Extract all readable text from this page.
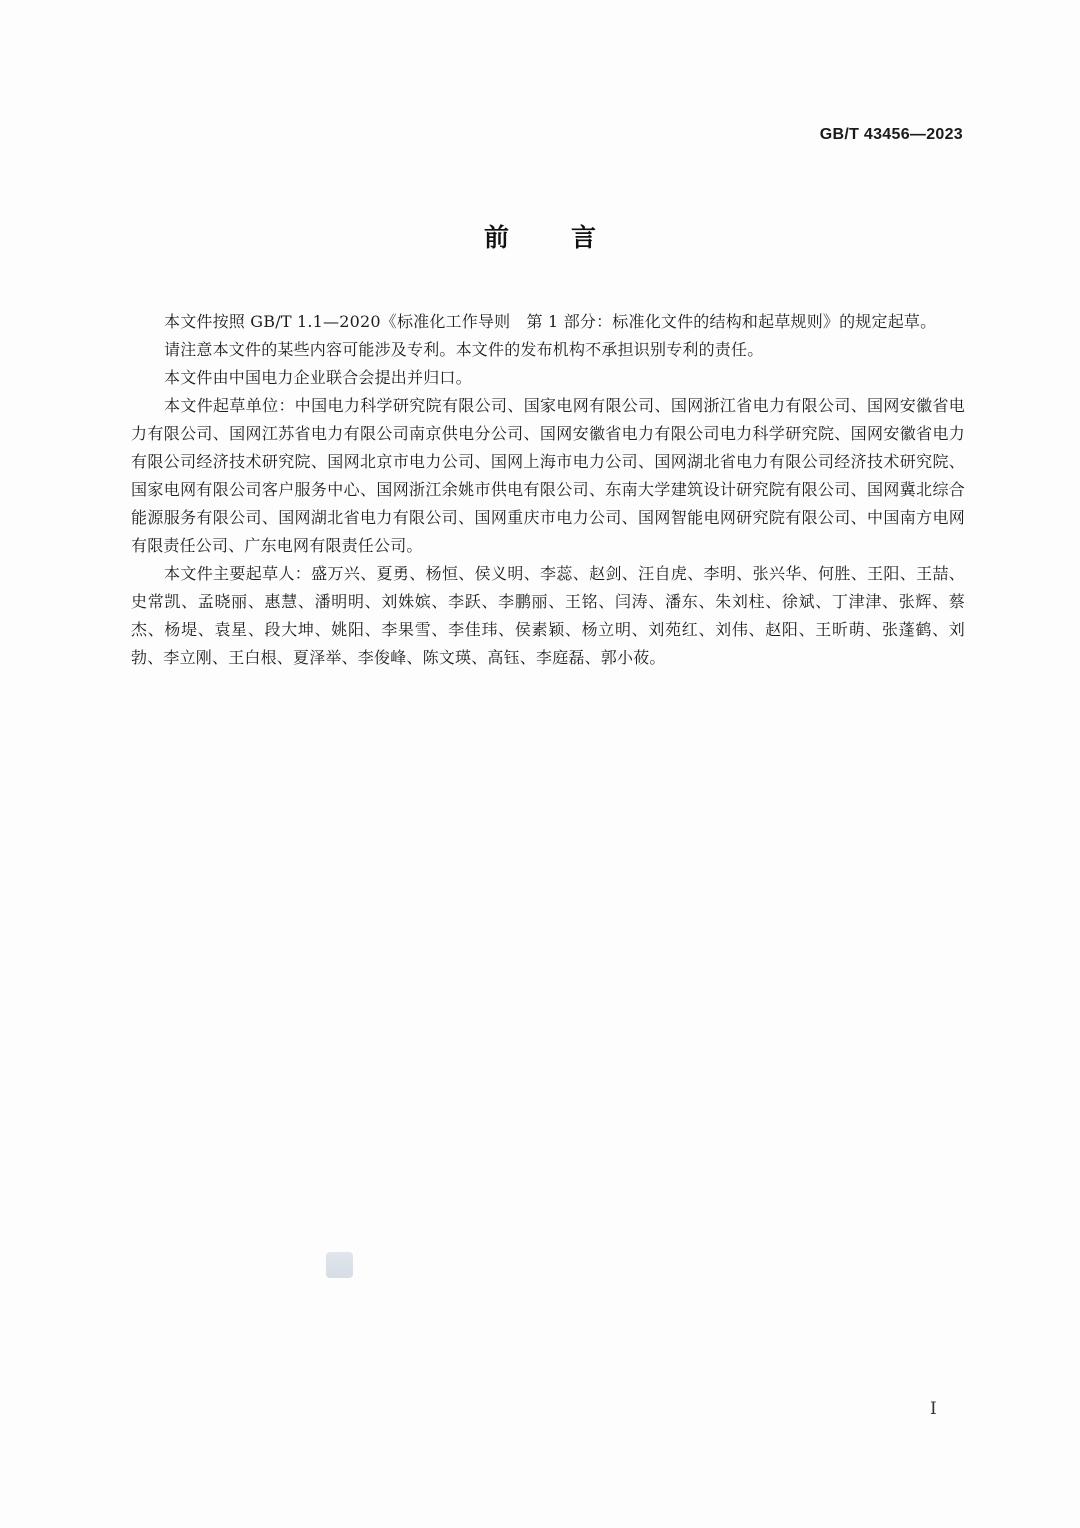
GB/T 43456—2023
前言

本文件按照 GB/T 1.1—2020《标准化工作导则　第 1 部分：标准化文件的结构和起草规则》的规定起草。

请注意本文件的某些内容可能涉及专利。本文件的发布机构不承担识别专利的责任。

本文件由中国电力企业联合会提出并归口。

本文件起草单位：中国电力科学研究院有限公司、国家电网有限公司、国网浙江省电力有限公司、国网安徽省电力有限公司、国网江苏省电力有限公司南京供电分公司、国网安徽省电力有限公司电力科学研究院、国网安徽省电力有限公司经济技术研究院、国网北京市电力公司、国网上海市电力公司、国网湖北省电力有限公司经济技术研究院、国家电网有限公司客户服务中心、国网浙江余姚市供电有限公司、东南大学建筑设计研究院有限公司、国网冀北综合能源服务有限公司、国网湖北省电力有限公司、国网重庆市电力公司、国网智能电网研究院有限公司、中国南方电网有限责任公司、广东电网有限责任公司。

本文件主要起草人：盛万兴、夏勇、杨恒、侯义明、李蕊、赵剑、汪自虎、李明、张兴华、何胜、王阳、王喆、史常凯、孟晓丽、惠慧、潘明明、刘姝嫔、李跃、李鹏丽、王铭、闫涛、潘东、朱刘柱、徐斌、丁津津、张辉、蔡杰、杨堤、袁星、段大坤、姚阳、李果雪、李佳玮、侯素颖、杨立明、刘苑红、刘伟、赵阳、王昕萌、张蓬鹤、刘勃、李立刚、王白根、夏泽举、李俊峰、陈文瑛、高钰、李庭磊、郭小莜。

I
